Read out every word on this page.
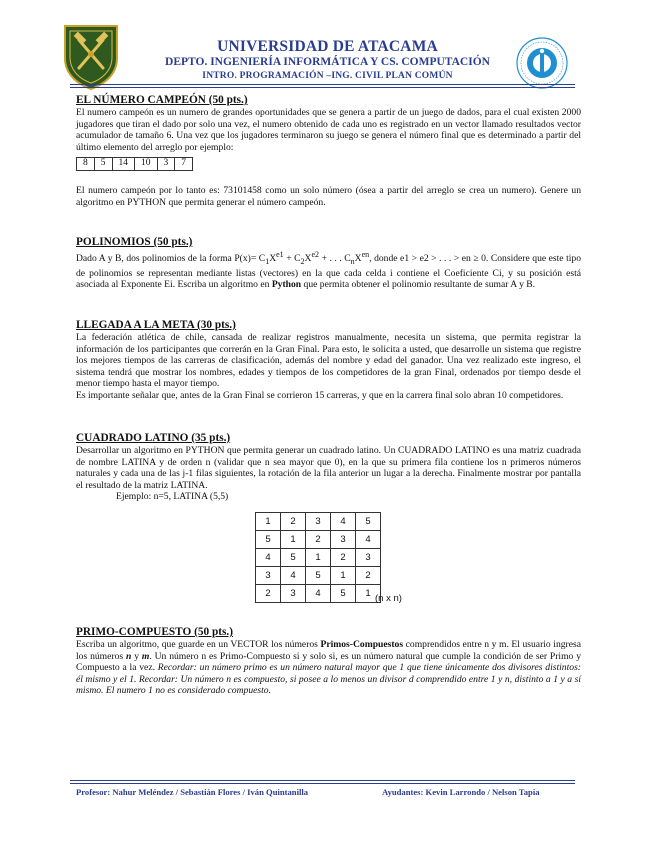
UNIVERSIDAD DE ATACAMA
DEPTO. INGENIERÍA INFORMÁTICA Y CS. COMPUTACIÓN
INTRO. PROGRAMACIÓN –ING. CIVIL PLAN COMÚN

EL NÚMERO CAMPEÓN (50 pts.)

El numero campeón es un numero de grandes oportunidades que se genera a partir de un juego de dados, para el cual existen 2000 jugadores que tiran el dado por solo una vez, el numero obtenido de cada uno es registrado en un vector llamado resultados vector acumulador de tamaño 6. Una vez que los jugadores terminaron su juego se genera el número final que es determinado a partir del último elemento del arreglo por ejemplo:

8	5	14	10	3	7

El numero campeón por lo tanto es: 73101458 como un solo número (ósea a partir del arreglo se crea un numero). Genere un algoritmo en PYTHON que permita generar el número campeón.

POLINOMIOS (50 pts.)

Dado A y B, dos polinomios de la forma $P(x)= C_1X^{e1} + C_2X^{e2}$ + . . . $C_nX^{en}$, donde e1 > e2 > . . . > en ≥ 0. Considere que este tipo de polinomios se representan mediante listas (vectores) en la que cada celda i contiene el Coeficiente Ci, y su posición está asociada al Exponente Ei. Escriba un algoritmo en Python que permita obtener el polinomio resultante de sumar A y B.

LLEGADA A LA META (30 pts.)

La federación atlética de chile, cansada de realizar registros manualmente, necesita un sistema, que permita registrar la información de los participantes que correrán en la Gran Final. Para esto, le solicita a usted, que desarrolle un sistema que registre los mejores tiempos de las carreras de clasificación, además del nombre y edad del ganador. Una vez realizado este ingreso, el sistema tendrá que mostrar los nombres, edades y tiempos de los competidores de la gran Final, ordenados por tiempo desde el menor tiempo hasta el mayor tiempo.

Es importante señalar que, antes de la Gran Final se corrieron 15 carreras, y que en la carrera final solo abran 10 competidores.

CUADRADO LATINO (35 pts.)

Desarrollar un algoritmo en PYTHON que permita generar un cuadrado latino. Un CUADRADO LATINO es una matriz cuadrada de nombre LATINA y de orden n (validar que n sea mayor que 0), en la que su primera fila contiene los n primeros números naturales y cada una de las j-1 filas siguientes, la rotación de la fila anterior un lugar a la derecha. Finalmente mostrar por pantalla el resultado de la matriz LATINA.

Ejemplo: n=5, LATINA (5,5)

1	2	3	4	5
5	1	2	3	4
4	5	1	2	3
3	4	5	1	2
2	3	4	5	1 (n x n)

PRIMO-COMPUESTO (50 pts.)

Escriba un algoritmo, que guarde en un VECTOR los números Primos-Compuestos comprendidos entre n y m. El usuario ingresa los números n y m. Un número n es Primo-Compuesto si y solo si, es un número natural que cumple la condición de ser Primo y Compuesto a la vez. Recordar: un número primo es un número natural mayor que 1 que tiene únicamente dos divisores distintos: él mismo y el 1. Recordar: Un número n es compuesto, si posee a lo menos un divisor d comprendido entre 1 y n, distinto a 1 y a sí mismo. El numero 1 no es considerado compuesto.

Profesor: Nahur Meléndez / Sebastián Flores / Iván Quintanilla	Ayudantes: Kevin Larrondo / Nelson Tapia
